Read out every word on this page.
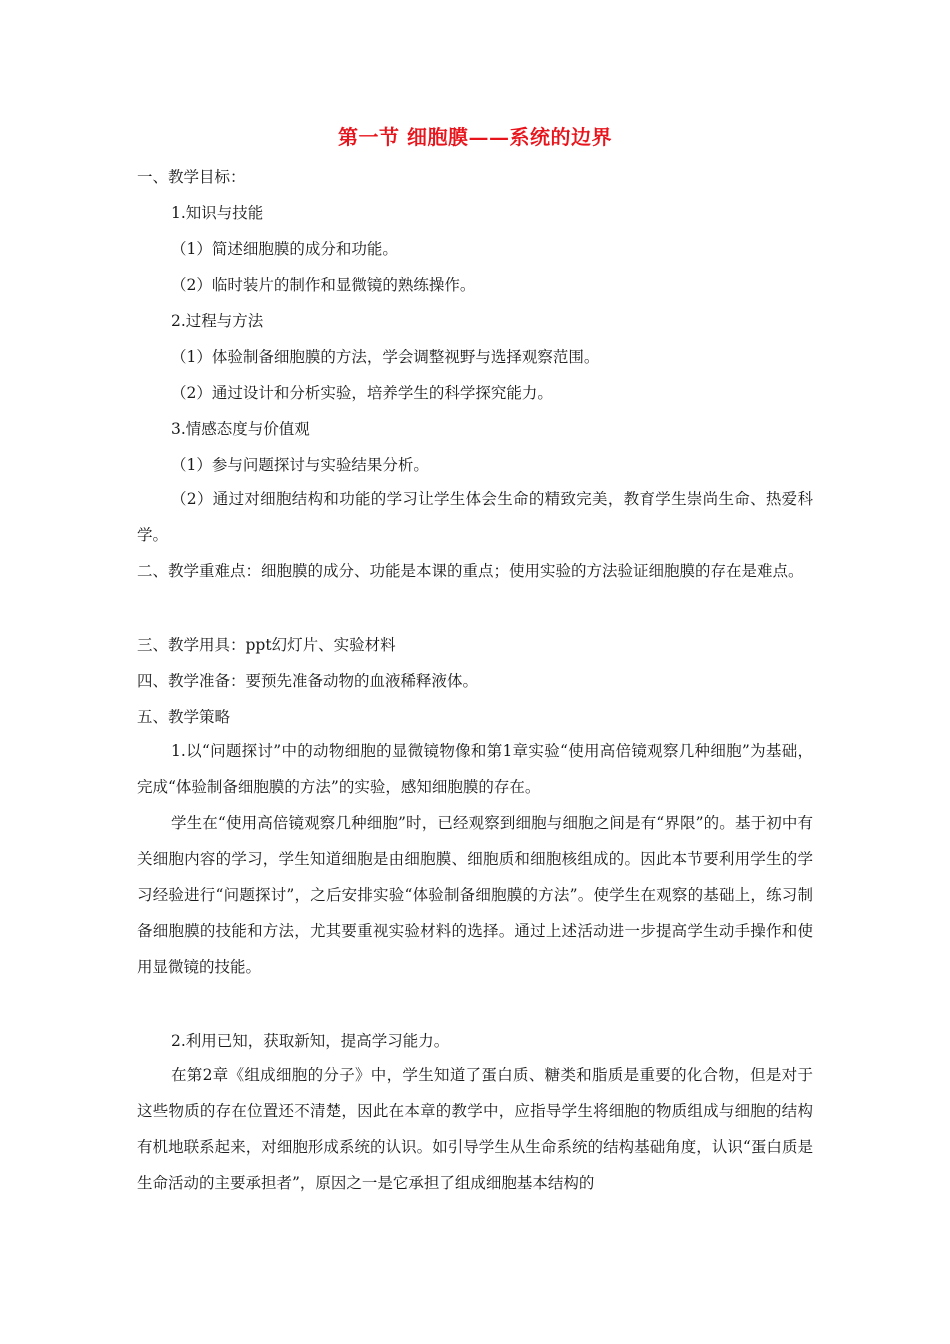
第一节 细胞膜——系统的边界
一、教学目标：
1.知识与技能
（1）简述细胞膜的成分和功能。
（2）临时装片的制作和显微镜的熟练操作。
2.过程与方法
（1）体验制备细胞膜的方法，学会调整视野与选择观察范围。
（2）通过设计和分析实验，培养学生的科学探究能力。
3.情感态度与价值观
（1）参与问题探讨与实验结果分析。
（2）通过对细胞结构和功能的学习让学生体会生命的精致完美，教育学生崇尚生命、热爱科学。
二、教学重难点：细胞膜的成分、功能是本课的重点；使用实验的方法验证细胞膜的存在是难点。
三、教学用具：ppt幻灯片、实验材料
四、教学准备：要预先准备动物的血液稀释液体。
五、教学策略
1.以“问题探讨”中的动物细胞的显微镜物像和第1章实验“使用高倍镜观察几种细胞”为基础，完成“体验制备细胞膜的方法”的实验，感知细胞膜的存在。
学生在“使用高倍镜观察几种细胞”时，已经观察到细胞与细胞之间是有“界限”的。基于初中有关细胞内容的学习，学生知道细胞是由细胞膜、细胞质和细胞核组成的。因此本节要利用学生的学习经验进行“问题探讨”，之后安排实验“体验制备细胞膜的方法”。使学生在观察的基础上，练习制备细胞膜的技能和方法，尤其要重视实验材料的选择。通过上述活动进一步提高学生动手操作和使用显微镜的技能。
2.利用已知，获取新知，提高学习能力。
在第2章《组成细胞的分子》中，学生知道了蛋白质、糖类和脂质是重要的化合物，但是对于这些物质的存在位置还不清楚，因此在本章的教学中，应指导学生将细胞的物质组成与细胞的结构有机地联系起来，对细胞形成系统的认识。如引导学生从生命系统的结构基础角度，认识“蛋白质是生命活动的主要承担者”，原因之一是它承担了组成细胞基本结构的
